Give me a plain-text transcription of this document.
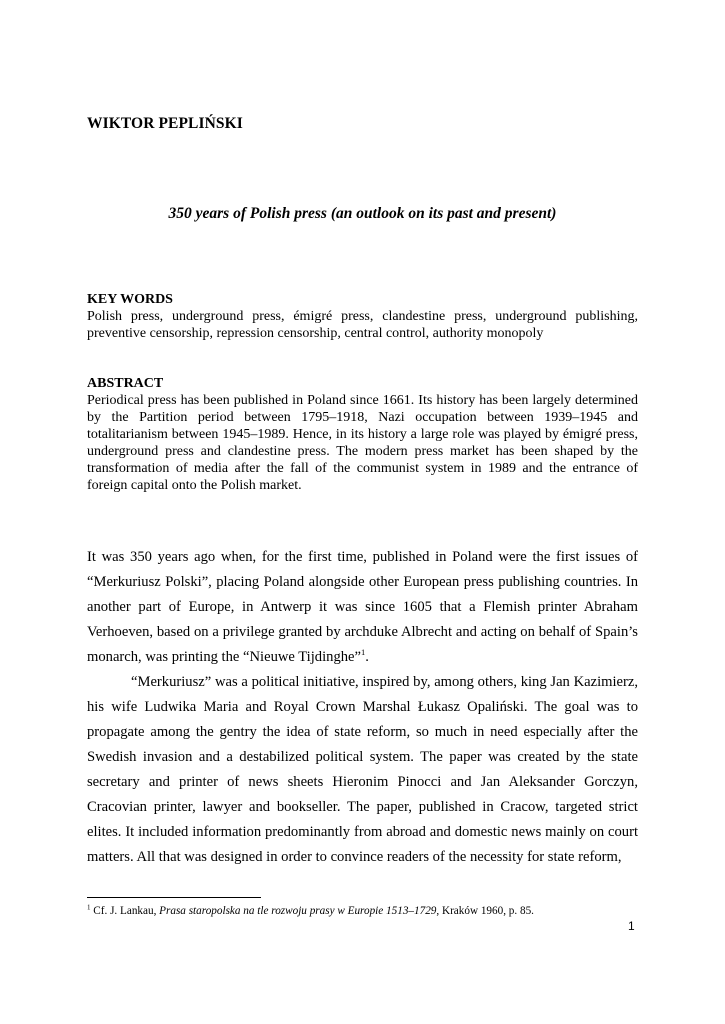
WIKTOR PEPLIŃSKI
350 years of Polish press (an outlook on its past and present)
KEY WORDS
Polish press, underground press, émigré press, clandestine press, underground publishing, preventive censorship, repression censorship, central control, authority monopoly
ABSTRACT
Periodical press has been published in Poland since 1661. Its history has been largely determined by the Partition period between 1795–1918, Nazi occupation between 1939–1945 and totalitarianism between 1945–1989. Hence, in its history a large role was played by émigré press, underground press and clandestine press. The modern press market has been shaped by the transformation of media after the fall of the communist system in 1989 and the entrance of foreign capital onto the Polish market.

It was 350 years ago when, for the first time, published in Poland were the first issues of “Merkuriusz Polski”, placing Poland alongside other European press publishing countries. In another part of Europe, in Antwerp it was since 1605 that a Flemish printer Abraham Verhoeven, based on a privilege granted by archduke Albrecht and acting on behalf of Spain’s monarch, was printing the “Nieuwe Tijdinghe”$^1$.

“Merkuriusz” was a political initiative, inspired by, among others, king Jan Kazimierz, his wife Ludwika Maria and Royal Crown Marshal Łukasz Opaliński. The goal was to propagate among the gentry the idea of state reform, so much in need especially after the Swedish invasion and a destabilized political system. The paper was created by the state secretary and printer of news sheets Hieronim Pinocci and Jan Aleksander Gorczyn, Cracovian printer, lawyer and bookseller. The paper, published in Cracow, targeted strict elites. It included information predominantly from abroad and domestic news mainly on court matters. All that was designed in order to convince readers of the necessity for state reform,

$^1$ Cf. J. Lankau, Prasa staropolska na tle rozwoju prasy w Europie 1513–1729, Kraków 1960, p. 85.
1
